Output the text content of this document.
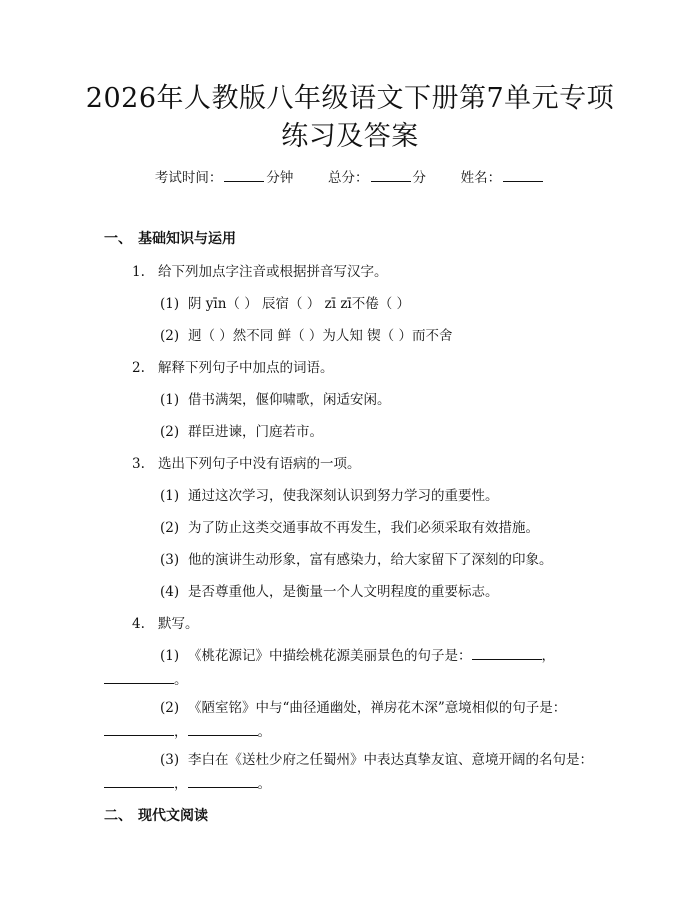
2026年人教版八年级语文下册第7单元专项
练习及答案
考试时间：	分钟	总分：	分	姓名：
一、 基础知识与运用
1. 给下列加点字注音或根据拼音写汉字。
(1) 阴 yīn（ ） 辰宿（ ） zī zī不倦（ ）
(2) 迥（ ）然不同 鲜（ ）为人知 锲（ ）而不舍
2. 解释下列句子中加点的词语。
(1) 借书满架，偃仰啸歌，闲适安闲。
(2) 群臣进谏，门庭若市。
3. 选出下列句子中没有语病的一项。
(1) 通过这次学习，使我深刻认识到努力学习的重要性。
(2) 为了防止这类交通事故不再发生，我们必须采取有效措施。
(3) 他的演讲生动形象，富有感染力，给大家留下了深刻的印象。
(4) 是否尊重他人，是衡量一个人文明程度的重要标志。
4. 默写。
(1) 《桃花源记》中描绘桃花源美丽景色的句子是：	，
。
(2) 《陋室铭》中与“曲径通幽处，禅房花木深”意境相似的句子是：
，	。
(3) 李白在《送杜少府之任蜀州》中表达真挚友谊、意境开阔的名句是：
，	。
二、 现代文阅读
